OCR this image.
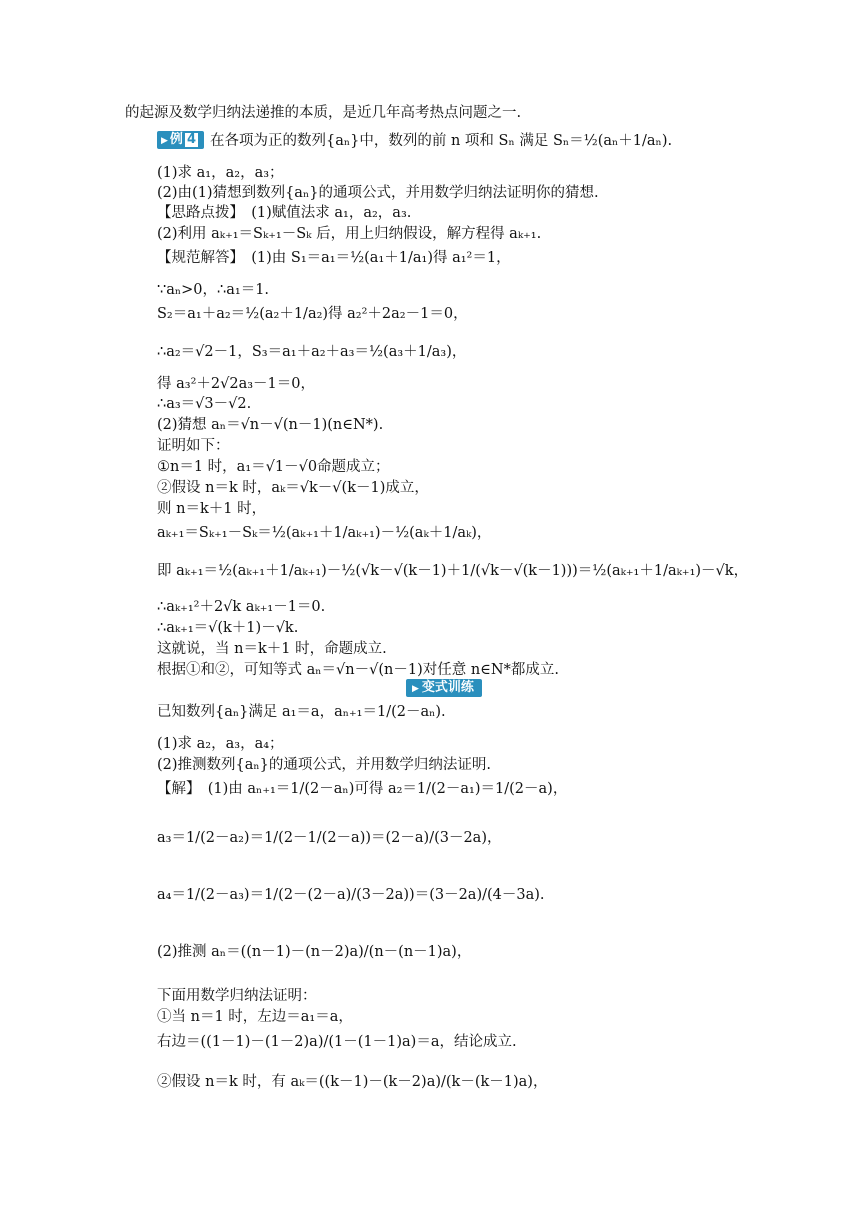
▶ 例 4
▶ 变式训练
的起源及数学归纳法递推的本质，是近几年高考热点问题之一.
在各项为正的数列{aₙ}中，数列的前 n 项和 Sₙ 满足 Sₙ＝½(aₙ＋1/aₙ).
(1)求 a₁，a₂，a₃；
(2)由(1)猜想到数列{aₙ}的通项公式，并用数学归纳法证明你的猜想.
【思路点拨】　(1)赋值法求 a₁，a₂，a₃.
(2)利用 aₖ₊₁＝Sₖ₊₁－Sₖ 后，用上归纳假设，解方程得 aₖ₊₁.
【规范解答】　(1)由 S₁＝a₁＝½(a₁＋1/a₁)得 a₁²＝1，
∵aₙ>0，∴a₁＝1.
S₂＝a₁＋a₂＝½(a₂＋1/a₂)得 a₂²＋2a₂－1＝0，
∴a₂＝√2－1，S₃＝a₁＋a₂＋a₃＝½(a₃＋1/a₃)，
得 a₃²＋2√2a₃－1＝0，
∴a₃＝√3－√2.
(2)猜想 aₙ＝√n－√(n－1)(n∈N*).
证明如下：
①n＝1 时，a₁＝√1－√0命题成立；
②假设 n＝k 时，aₖ＝√k－√(k－1)成立，
则 n＝k＋1 时，
aₖ₊₁＝Sₖ₊₁－Sₖ＝½(aₖ₊₁＋1/aₖ₊₁)－½(aₖ＋1/aₖ)，
即 aₖ₊₁＝½(aₖ₊₁＋1/aₖ₊₁)－½(√k－√(k－1)＋1/(√k－√(k－1)))＝½(aₖ₊₁＋1/aₖ₊₁)－√k，
∴aₖ₊₁²＋2√k aₖ₊₁－1＝0.
∴aₖ₊₁＝√(k＋1)－√k.
这就说，当 n＝k＋1 时，命题成立.
根据①和②，可知等式 aₙ＝√n－√(n－1)对任意 n∈N*都成立.
已知数列{aₙ}满足 a₁＝a，aₙ₊₁＝1/(2－aₙ).
(1)求 a₂，a₃，a₄；
(2)推测数列{aₙ}的通项公式，并用数学归纳法证明.
【解】　(1)由 aₙ₊₁＝1/(2－aₙ)可得 a₂＝1/(2－a₁)＝1/(2－a)，
a₃＝1/(2－a₂)＝1/(2－1/(2－a))＝(2－a)/(3－2a)，
a₄＝1/(2－a₃)＝1/(2－(2－a)/(3－2a))＝(3－2a)/(4－3a).
(2)推测 aₙ＝((n－1)－(n－2)a)/(n－(n－1)a)，
下面用数学归纳法证明：
①当 n＝1 时，左边＝a₁＝a，
右边＝((1－1)－(1－2)a)/(1－(1－1)a)＝a，结论成立.
②假设 n＝k 时，有 aₖ＝((k－1)－(k－2)a)/(k－(k－1)a)，
